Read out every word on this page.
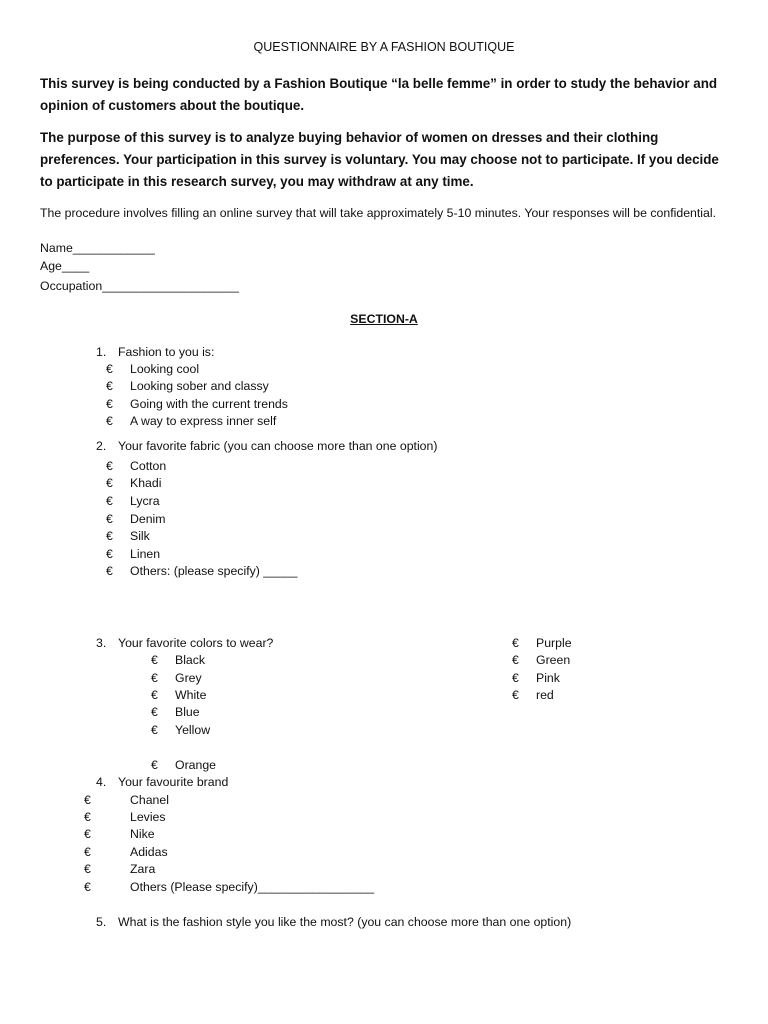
QUESTIONNAIRE BY A FASHION BOUTIQUE
This survey is being conducted by a Fashion Boutique “la belle femme” in order to study the behavior and opinion of customers about the boutique.
The purpose of this survey is to analyze buying behavior of women on dresses and their clothing preferences. Your participation in this survey is voluntary. You may choose not to participate. If you decide to participate in this research survey, you may withdraw at any time.
The procedure involves filling an online survey that will take approximately 5-10 minutes. Your responses will be confidential.
Name____________
Age____
Occupation____________________
SECTION-A
1. Fashion to you is:
€ Looking cool
€ Looking sober and classy
€ Going with the current trends
€ A way to express inner self
2. Your favorite fabric (you can choose more than one option)
€ Cotton
€ Khadi
€ Lycra
€ Denim
€ Silk
€ Linen
€ Others: (please specify) _____
3. Your favorite colors to wear?
€ Black
€ Grey
€ White
€ Blue
€ Yellow
€ Orange
€ Purple
€ Green
€ Pink
€ red
4. Your favourite brand
€	Chanel
€	Levies
€	Nike
€	Adidas
€	Zara
€	Others (Please specify)_________________
5. What is the fashion style you like the most? (you can choose more than one option)
